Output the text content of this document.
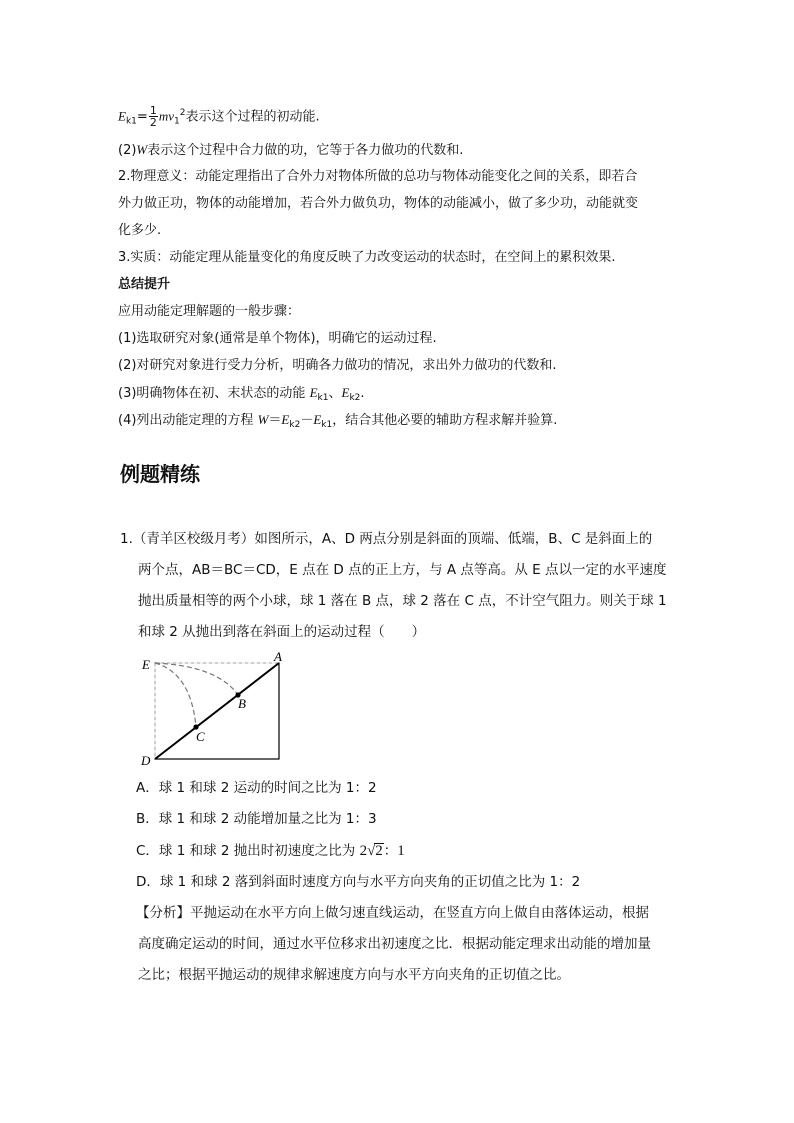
$E_{k1}= \frac{1}{2} mv_1^2$表示这个过程的初动能.
(2)W表示这个过程中合力做的功，它等于各力做功的代数和.
2.物理意义：动能定理指出了合外力对物体所做的总功与物体动能变化之间的关系，即若合
外力做正功，物体的动能增加，若合外力做负功，物体的动能减小，做了多少功，动能就变
化多少.
3.实质：动能定理从能量变化的角度反映了力改变运动的状态时，在空间上的累积效果.
总结提升
应用动能定理解题的一般步骤：
(1)选取研究对象(通常是单个物体)，明确它的运动过程.
(2)对研究对象进行受力分析，明确各力做功的情况，求出外力做功的代数和.
(3)明确物体在初、末状态的动能 $E_{k1}$、$E_{k2}$.
(4)列出动能定理的方程 $W=E_{k2}-E_{k1}$，结合其他必要的辅助方程求解并验算.
例题精练
1.（青羊区校级月考）如图所示，A、D 两点分别是斜面的顶端、低端，B、C 是斜面上的
两个点，AB＝BC＝CD，E 点在 D 点的正上方，与 A 点等高。从 E 点以一定的水平速度
抛出质量相等的两个小球，球 1 落在 B 点，球 2 落在 C 点，不计空气阻力。则关于球 1
和球 2 从抛出到落在斜面上的运动过程（　　）
E
A
B
C
D
A．球 1 和球 2 运动的时间之比为 1：2
B．球 1 和球 2 动能增加量之比为 1：3
C．球 1 和球 2 抛出时初速度之比为 2√2：1
D．球 1 和球 2 落到斜面时速度方向与水平方向夹角的正切值之比为 1：2
【分析】平抛运动在水平方向上做匀速直线运动，在竖直方向上做自由落体运动，根据
高度确定运动的时间，通过水平位移求出初速度之比．根据动能定理求出动能的增加量
之比；根据平抛运动的规律求解速度方向与水平方向夹角的正切值之比。
